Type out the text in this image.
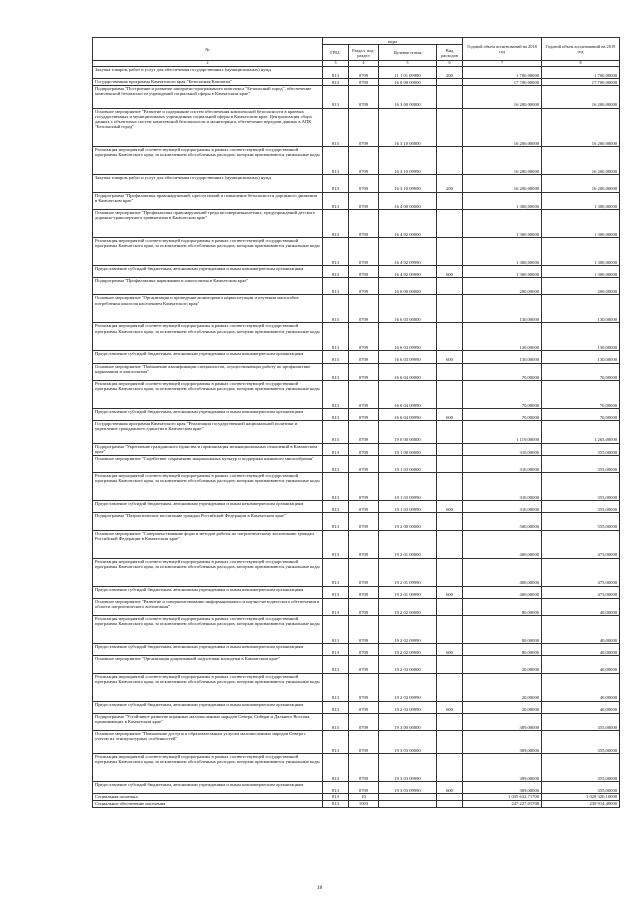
№	коды				Годовой объем ассигнований на 2018 год	Годовой объем ассигнований на 2019 год
	ГРБС	Раздел, под-раздел	Целевая статья	Вид расходов		
2	3	4	5	6	7	8
Закупка товаров, работ и услуг для обеспечения государственных (муниципальных) нужд	813	0709	11 1 01 09990	200	1 700,00000	1 700,00000
Государственная программа Камчатского края "Безопасная Камчатка"	813	0709	16 0 00 00000		17 700,00000	17 700,00000
Подпрограмма "Построение и развитие аппаратно-программного комплекса "Безопасный город", обеспечение комплексной безопасности учреждений социальной сферы в Камчатском крае"	813	0709	16 3 00 00000		16 200,00000	16 200,00000
Основное мероприятие "Развитие и содержание систем обеспечения комплексной безопасности в краевых государственных и муниципальных учреждениях социальной сферы в Камчатском крае. Централизация сбора данных с объектовых систем комплексной безопасности и мониторинга, обеспечение передачи данных в АПК "Безопасный город"	813	0709	16 3 10 00000		16 200,00000	16 200,00000
Реализация мероприятий соответствующей подпрограммы в рамках соответствующей государственной программы Камчатского края, за исключением обособленных расходов, которым присваиваются уникальные коды	813	0709	16 3 10 09990		16 200,00000	16 200,00000
Закупка товаров, работ и услуг для обеспечения государственных (муниципальных) нужд	813	0709	16 3 10 09990	200	16 200,00000	16 200,00000
Подпрограмма "Профилактика правонарушений, преступлений и повышение безопасности дорожного движения в Камчатском крае"	813	0709	16 4 00 00000		1 300,00000	1 300,00000
Основное мероприятие "Профилактика правонарушений среди несовершеннолетних, предупреждений детского дорожно-транспортного травматизма в Камчатском крае"	813	0709	16 4 02 00000		1 300,00000	1 300,00000
Реализация мероприятий соответствующей подпрограммы в рамках соответствующей государственной программы Камчатского края, за исключением обособленных расходов, которым присваиваются уникальные коды	813	0709	16 4 02 09990		1 300,00000	1 300,00000
Предоставление субсидий бюджетным, автономным учреждениям и иным некоммерческим организациям	813	0709	16 4 02 09990	600	1 300,00000	1 300,00000
Подпрограмма "Профилактика наркомании и алкоголизма в Камчатском крае"	813	0709	16 6 00 00000		200,00000	200,00000
Основное мероприятие "Организация и проведение мониторинга наркоситуации и изучения масштабов потребления алкоголя населением Камчатского края"	813	0709	16 6 03 00000		130,00000	130,00000
Реализация мероприятий соответствующей подпрограммы в рамках соответствующей государственной программы Камчатского края, за исключением обособленных расходов, которым присваиваются уникальные коды	813	0709	16 6 03 09990		130,00000	130,00000
Предоставление субсидий бюджетным, автономным учреждениям и иным некоммерческим организациям	813	0709	16 6 03 09990	600	130,00000	130,00000
Основное мероприятие "Повышение квалификации специалистов, осуществляющих работу по профилактике наркомании и алкоголизма"	813	0709	16 6 04 00000		70,00000	70,00000
Реализация мероприятий соответствующей подпрограммы в рамках соответствующей государственной программы Камчатского края, за исключением обособленных расходов, которым присваиваются уникальные коды	813	0709	16 6 04 09990		70,00000	70,00000
Предоставление субсидий бюджетным, автономным учреждениям и иным некоммерческим организациям	813	0709	16 6 04 09990	600	70,00000	70,00000
Государственная программа Камчатского края "Реализация государственной национальной политики и укрепление гражданского единства в Камчатском крае"	813	0709	19 0 00 00000		1 119,00000	1 265,00000
Подпрограмма "Укрепление гражданского единства и гармонизация межнациональных отношений в Камчатском крае"	813	0709	19 1 00 00000		310,00000	355,00000
Основное мероприятие "Содействие сохранению национальных культур и поддержка языкового многообразия"	813	0709	19 1 03 00000		310,00000	355,00000
Реализация мероприятий соответствующей подпрограммы в рамках соответствующей государственной программы Камчатского края, за исключением обособленных расходов, которым присваиваются уникальные коды	813	0709	19 1 03 09990		310,00000	355,00000
Предоставление субсидий бюджетным, автономным учреждениям и иным некоммерческим организациям	813	0709	19 1 03 09990	600	310,00000	355,00000
Подпрограмма "Патриотическое воспитание граждан Российской Федерации в Камчатском крае"	813	0709	19 2 00 00000		500,00000	555,00000
Основное мероприятие "Совершенствование форм и методов работы по патриотическому воспитанию граждан Российской Федерации в Камчатском крае"	813	0709	19 2 01 00000		400,00000	475,00000
Реализация мероприятий соответствующей подпрограммы в рамках соответствующей государственной программы Камчатского края, за исключением обособленных расходов, которым присваиваются уникальные коды	813	0709	19 2 01 09990		400,00000	475,00000
Предоставление субсидий бюджетным, автономным учреждениям и иным некоммерческим организациям	813	0709	19 2 01 09990	600	400,00000	475,00000
Основное мероприятие "Развитие и совершенствование информационного и научно-методического обеспечения в области патриотического воспитания"	813	0709	19 2 02 00000		80,00000	40,00000
Реализация мероприятий соответствующей подпрограммы в рамках соответствующей государственной программы Камчатского края, за исключением обособленных расходов, которым присваиваются уникальные коды	813	0709	19 2 02 09990		80,00000	40,00000
Предоставление субсидий бюджетным, автономным учреждениям и иным некоммерческим организациям	813	0709	19 2 02 09990	600	80,00000	40,00000
Основное мероприятие "Организация допризывной подготовки молодежи в Камчатском крае"	813	0709	19 2 03 00000		20,00000	40,00000
Реализация мероприятий соответствующей подпрограммы в рамках соответствующей государственной программы Камчатского края, за исключением обособленных расходов, которым присваиваются уникальные коды	813	0709	19 2 03 09990		20,00000	40,00000
Предоставление субсидий бюджетным, автономным учреждениям и иным некоммерческим организациям	813	0709	19 2 03 09990	600	20,00000	40,00000
Подпрограмма "Устойчивое развитие коренных малочисленных народов Севера, Сибири и Дальнего Востока, проживающих в Камчатском крае"	813	0709	19 3 00 00000		309,00000	355,00000
Основное мероприятие "Повышение доступа к образовательным услугам малочисленных народов Севера с учетом их этнокультурных особенностей"	813	0709	19 3 03 00000		309,00000	355,00000
Реализация мероприятий соответствующей подпрограммы в рамках соответствующей государственной программы Камчатского края, за исключением обособленных расходов, которым присваиваются уникальные коды	813	0709	19 3 03 09990		309,00000	355,00000
Предоставление субсидий бюджетным, автономным учреждениям и иным некоммерческим организациям	813	0709	19 3 03 09990	600	309,00000	355,00000
Социальная политика	813	10			1 035 632,71700	1 028 320,10000
Социальное обеспечение населения	813	1003			247 227,01700	239 914,40000
18
